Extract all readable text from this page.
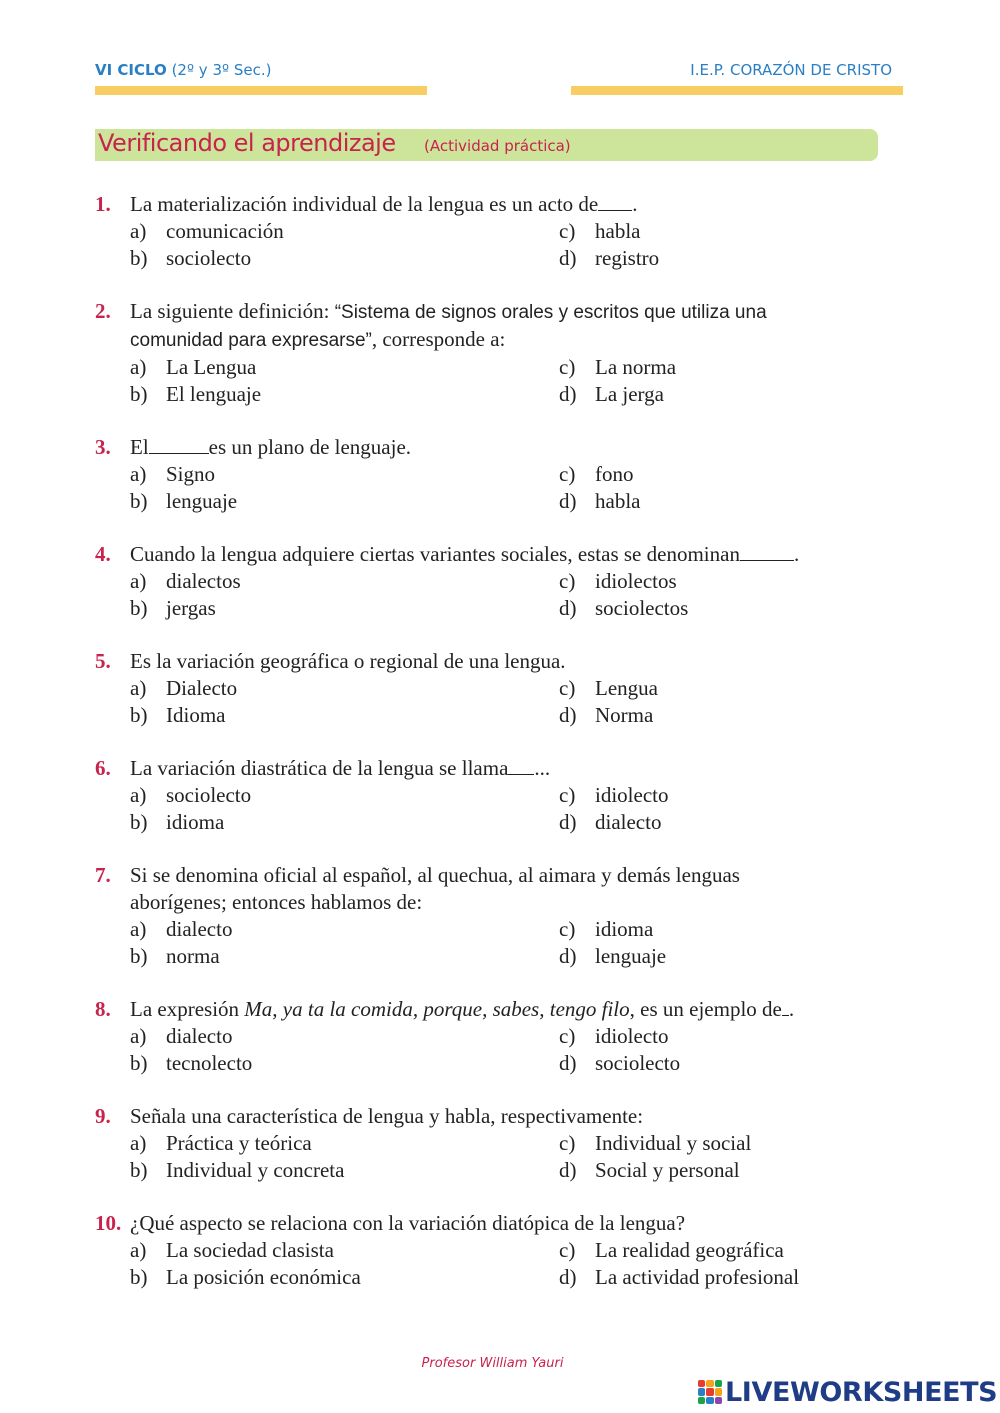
VI CICLO (2º y 3º Sec.)	I.E.P. CORAZÓN DE CRISTO
Verificando el aprendizaje (Actividad práctica)
1. La materialización individual de la lengua es un acto de .
a) comunicación	c) habla
b) sociolecto	d) registro
2. La siguiente definición: “Sistema de signos orales y escritos que utiliza una
comunidad para expresarse”, corresponde a:
a) La Lengua	c) La norma
b) El lenguaje	d) La jerga
3. El	es un plano de lenguaje.
a) Signo	c) fono
b) lenguaje	d) habla
4. Cuando la lengua adquiere ciertas variantes sociales, estas se denominan	.
a) dialectos	c) idiolectos
b) jergas	d) sociolectos
5. Es la variación geográfica o regional de una lengua.
a) Dialecto	c) Lengua
b) Idioma	d) Norma
6. La variación diastrática de la lengua se llama ...
a) sociolecto	c) idiolecto
b) idioma	d) dialecto
7. Si se denomina oficial al español, al quechua, al aimara y demás lenguas
aborígenes; entonces hablamos de:
a) dialecto	c) idioma
b) norma	d) lenguaje
8. La expresión Ma, ya ta la comida, porque, sabes, tengo filo, es un ejemplo de .
a) dialecto	c) idiolecto
b) tecnolecto	d) sociolecto
9. Señala una característica de lengua y habla, respectivamente:
a) Práctica y teórica	c) Individual y social
b) Individual y concreta	d) Social y personal
10. ¿Qué aspecto se relaciona con la variación diatópica de la lengua?
a) La sociedad clasista	c) La realidad geográfica
b) La posición económica	d) La actividad profesional
Profesor William Yauri
LIVEWORKSHEETS
